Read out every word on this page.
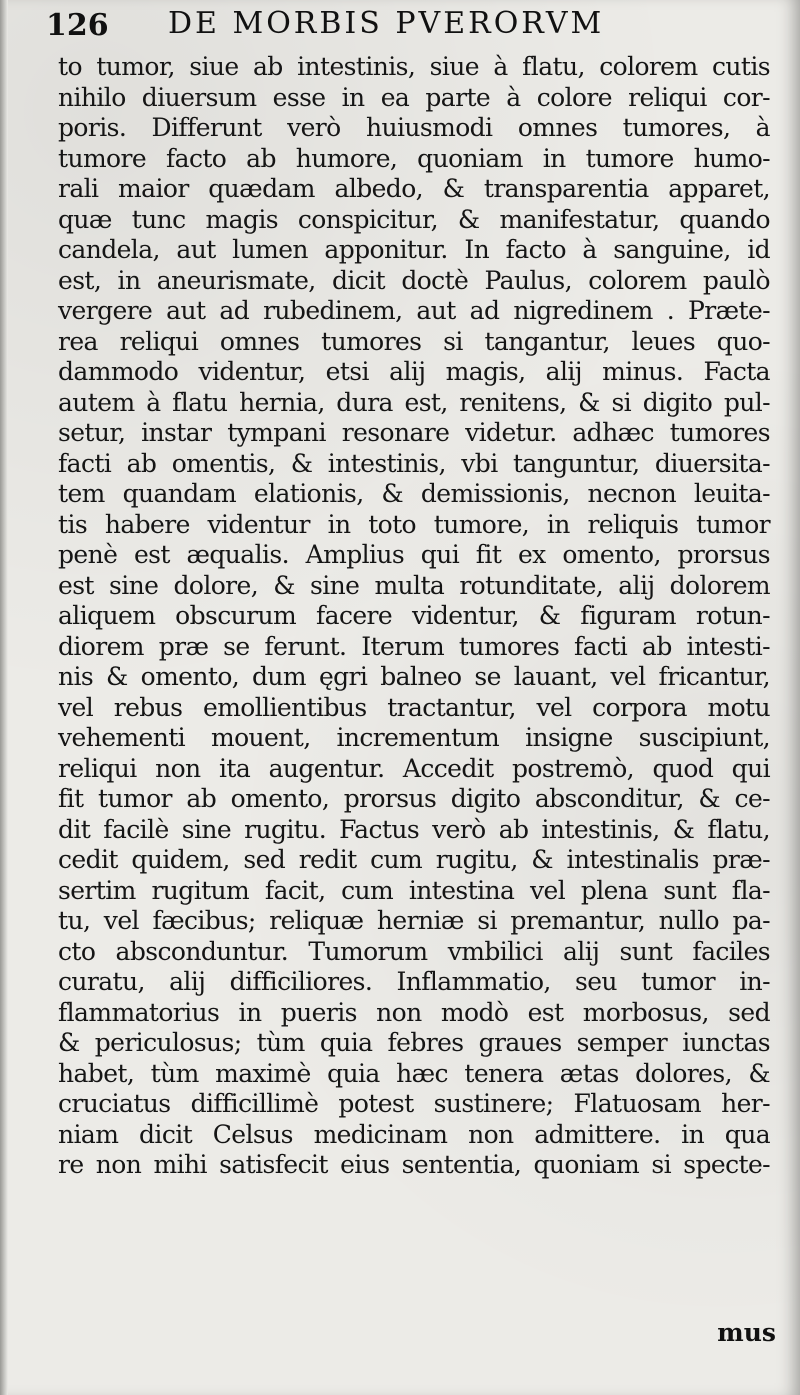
126 DE MORBIS PVERORVM
to tumor, siue ab intestinis, siue à flatu, colorem cutis
nihilo diuersum esse in ea parte à colore reliqui cor-
poris. Differunt verò huiusmodi omnes tumores, à
tumore facto ab humore, quoniam in tumore humo-
rali maior quædam albedo, & transparentia apparet,
quæ tunc magis conspicitur, & manifestatur, quando
candela, aut lumen apponitur. In facto à sanguine, id
est, in aneurismate, dicit doctè Paulus, colorem paulò
vergere aut ad rubedinem, aut ad nigredinem . Præte-
rea reliqui omnes tumores si tangantur, leues quo-
dammodo videntur, etsi alij magis, alij minus. Facta
autem à flatu hernia, dura est, renitens, & si digito pul-
setur, instar tympani resonare videtur. adhæc tumores
facti ab omentis, & intestinis, vbi tanguntur, diuersita-
tem quandam elationis, & demissionis, necnon leuita-
tis habere videntur in toto tumore, in reliquis tumor
penè est æqualis. Amplius qui fit ex omento, prorsus
est sine dolore, & sine multa rotunditate, alij dolorem
aliquem obscurum facere videntur, & figuram rotun-
diorem præ se ferunt. Iterum tumores facti ab intesti-
nis & omento, dum ęgri balneo se lauant, vel fricantur,
vel rebus emollientibus tractantur, vel corpora motu
vehementi mouent, incrementum insigne suscipiunt,
reliqui non ita augentur. Accedit postremò, quod qui
fit tumor ab omento, prorsus digito absconditur, & ce-
dit facilè sine rugitu. Factus verò ab intestinis, & flatu,
cedit quidem, sed redit cum rugitu, & intestinalis præ-
sertim rugitum facit, cum intestina vel plena sunt fla-
tu, vel fæcibus; reliquæ herniæ si premantur, nullo pa-
cto absconduntur. Tumorum vmbilici alij sunt faciles
curatu, alij difficiliores. Inflammatio, seu tumor in-
flammatorius in pueris non modò est morbosus, sed
& periculosus; tùm quia febres graues semper iunctas
habet, tùm maximè quia hæc tenera ætas dolores, &
cruciatus difficillimè potest sustinere; Flatuosam her-
niam dicit Celsus medicinam non admittere. in qua
re non mihi satisfecit eius sententia, quoniam si specte-
mus
